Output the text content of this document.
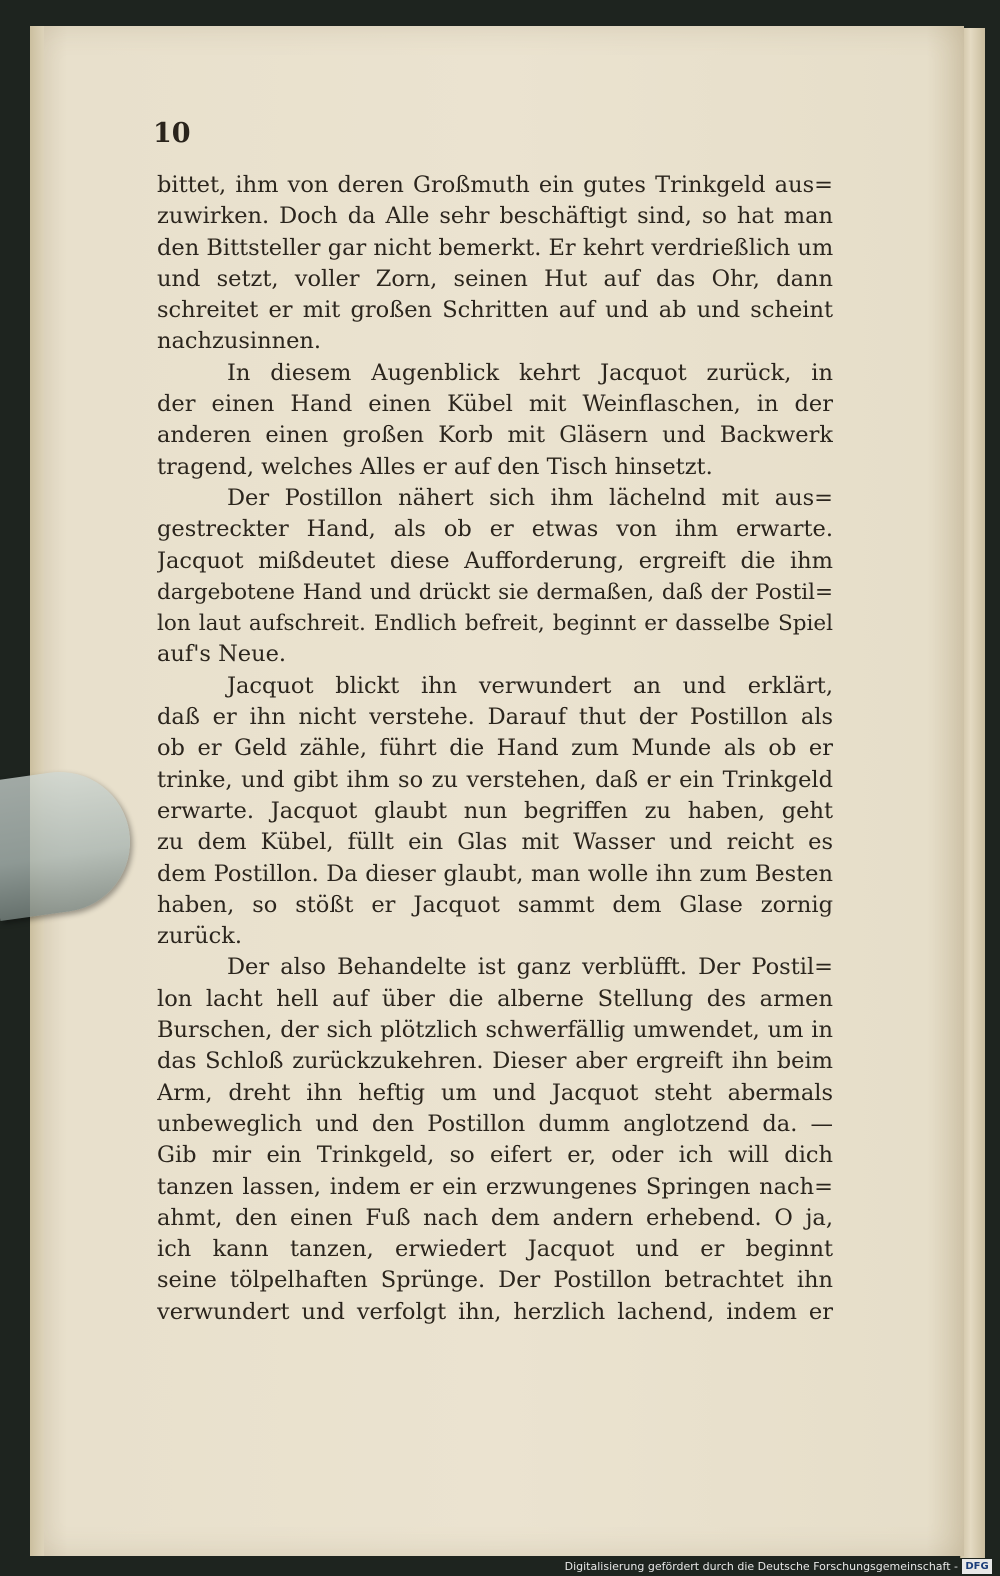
10
bittet, ihm von deren Großmuth ein gutes Trinkgeld aus=
zuwirken. Doch da Alle sehr beschäftigt sind, so hat man
den Bittsteller gar nicht bemerkt. Er kehrt verdrießlich um
und setzt, voller Zorn, seinen Hut auf das Ohr, dann
schreitet er mit großen Schritten auf und ab und scheint
nachzusinnen.
In diesem Augenblick kehrt Jacquot zurück, in
der einen Hand einen Kübel mit Weinflaschen, in der
anderen einen großen Korb mit Gläsern und Backwerk
tragend, welches Alles er auf den Tisch hinsetzt.
Der Postillon nähert sich ihm lächelnd mit aus=
gestreckter Hand, als ob er etwas von ihm erwarte.
Jacquot mißdeutet diese Aufforderung, ergreift die ihm
dargebotene Hand und drückt sie dermaßen, daß der Postil=
lon laut aufschreit. Endlich befreit, beginnt er dasselbe Spiel
auf's Neue.
Jacquot blickt ihn verwundert an und erklärt,
daß er ihn nicht verstehe. Darauf thut der Postillon als
ob er Geld zähle, führt die Hand zum Munde als ob er
trinke, und gibt ihm so zu verstehen, daß er ein Trinkgeld
erwarte. Jacquot glaubt nun begriffen zu haben, geht
zu dem Kübel, füllt ein Glas mit Wasser und reicht es
dem Postillon. Da dieser glaubt, man wolle ihn zum Besten
haben, so stößt er Jacquot sammt dem Glase zornig
zurück.
Der also Behandelte ist ganz verblüfft. Der Postil=
lon lacht hell auf über die alberne Stellung des armen
Burschen, der sich plötzlich schwerfällig umwendet, um in
das Schloß zurückzukehren. Dieser aber ergreift ihn beim
Arm, dreht ihn heftig um und Jacquot steht abermals
unbeweglich und den Postillon dumm anglotzend da. —
Gib mir ein Trinkgeld, so eifert er, oder ich will dich
tanzen lassen, indem er ein erzwungenes Springen nach=
ahmt, den einen Fuß nach dem andern erhebend. O ja,
ich kann tanzen, erwiedert Jacquot und er beginnt
seine tölpelhaften Sprünge. Der Postillon betrachtet ihn
verwundert und verfolgt ihn, herzlich lachend, indem er
Digitalisierung gefördert durch die Deutsche Forschungsgemeinschaft - DFG
